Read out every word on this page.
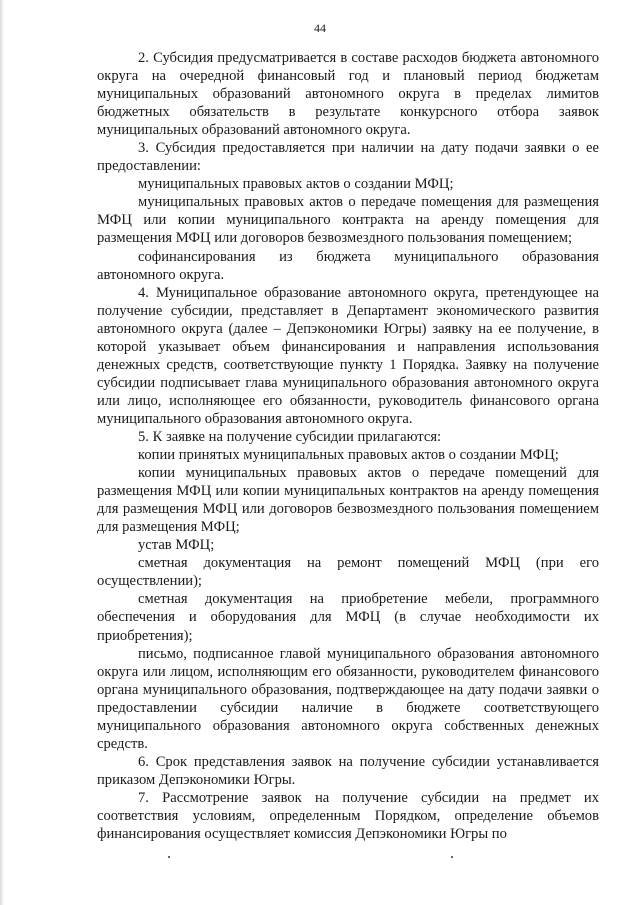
44

2. Субсидия предусматривается в составе расходов бюджета автономного округа на очередной финансовый год и плановый период бюджетам муниципальных образований автономного округа в пределах лимитов бюджетных обязательств в результате конкурсного отбора заявок муниципальных образований автономного округа.

3. Субсидия предоставляется при наличии на дату подачи заявки о ее предоставлении:

муниципальных правовых актов о создании МФЦ;

муниципальных правовых актов о передаче помещения для размещения МФЦ или копии муниципального контракта на аренду помещения для размещения МФЦ или договоров безвозмездного пользования помещением;

софинансирования из бюджета муниципального образования автономного округа.

4. Муниципальное образование автономного округа, претендующее на получение субсидии, представляет в Департамент экономического развития автономного округа (далее – Депэкономики Югры) заявку на ее получение, в которой указывает объем финансирования и направления использования денежных средств, соответствующие пункту 1 Порядка. Заявку на получение субсидии подписывает глава муниципального образования автономного округа или лицо, исполняющее его обязанности, руководитель финансового органа муниципального образования автономного округа.

5. К заявке на получение субсидии прилагаются:

копии принятых муниципальных правовых актов о создании МФЦ;

копии муниципальных правовых актов о передаче помещений для размещения МФЦ или копии муниципальных контрактов на аренду помещения для размещения МФЦ или договоров безвозмездного пользования помещением для размещения МФЦ;

устав МФЦ;

сметная документация на ремонт помещений МФЦ (при его осуществлении);

сметная документация на приобретение мебели, программного обеспечения и оборудования для МФЦ (в случае необходимости их приобретения);

письмо, подписанное главой муниципального образования автономного округа или лицом, исполняющим его обязанности, руководителем финансового органа муниципального образования, подтверждающее на дату подачи заявки о предоставлении субсидии наличие в бюджете соответствующего муниципального образования автономного округа собственных денежных средств.

6. Срок представления заявок на получение субсидии устанавливается приказом Депэкономики Югры.

7. Рассмотрение заявок на получение субсидии на предмет их соответствия условиям, определенным Порядком, определение объемов финансирования осуществляет комиссия Депэкономики Югры по
